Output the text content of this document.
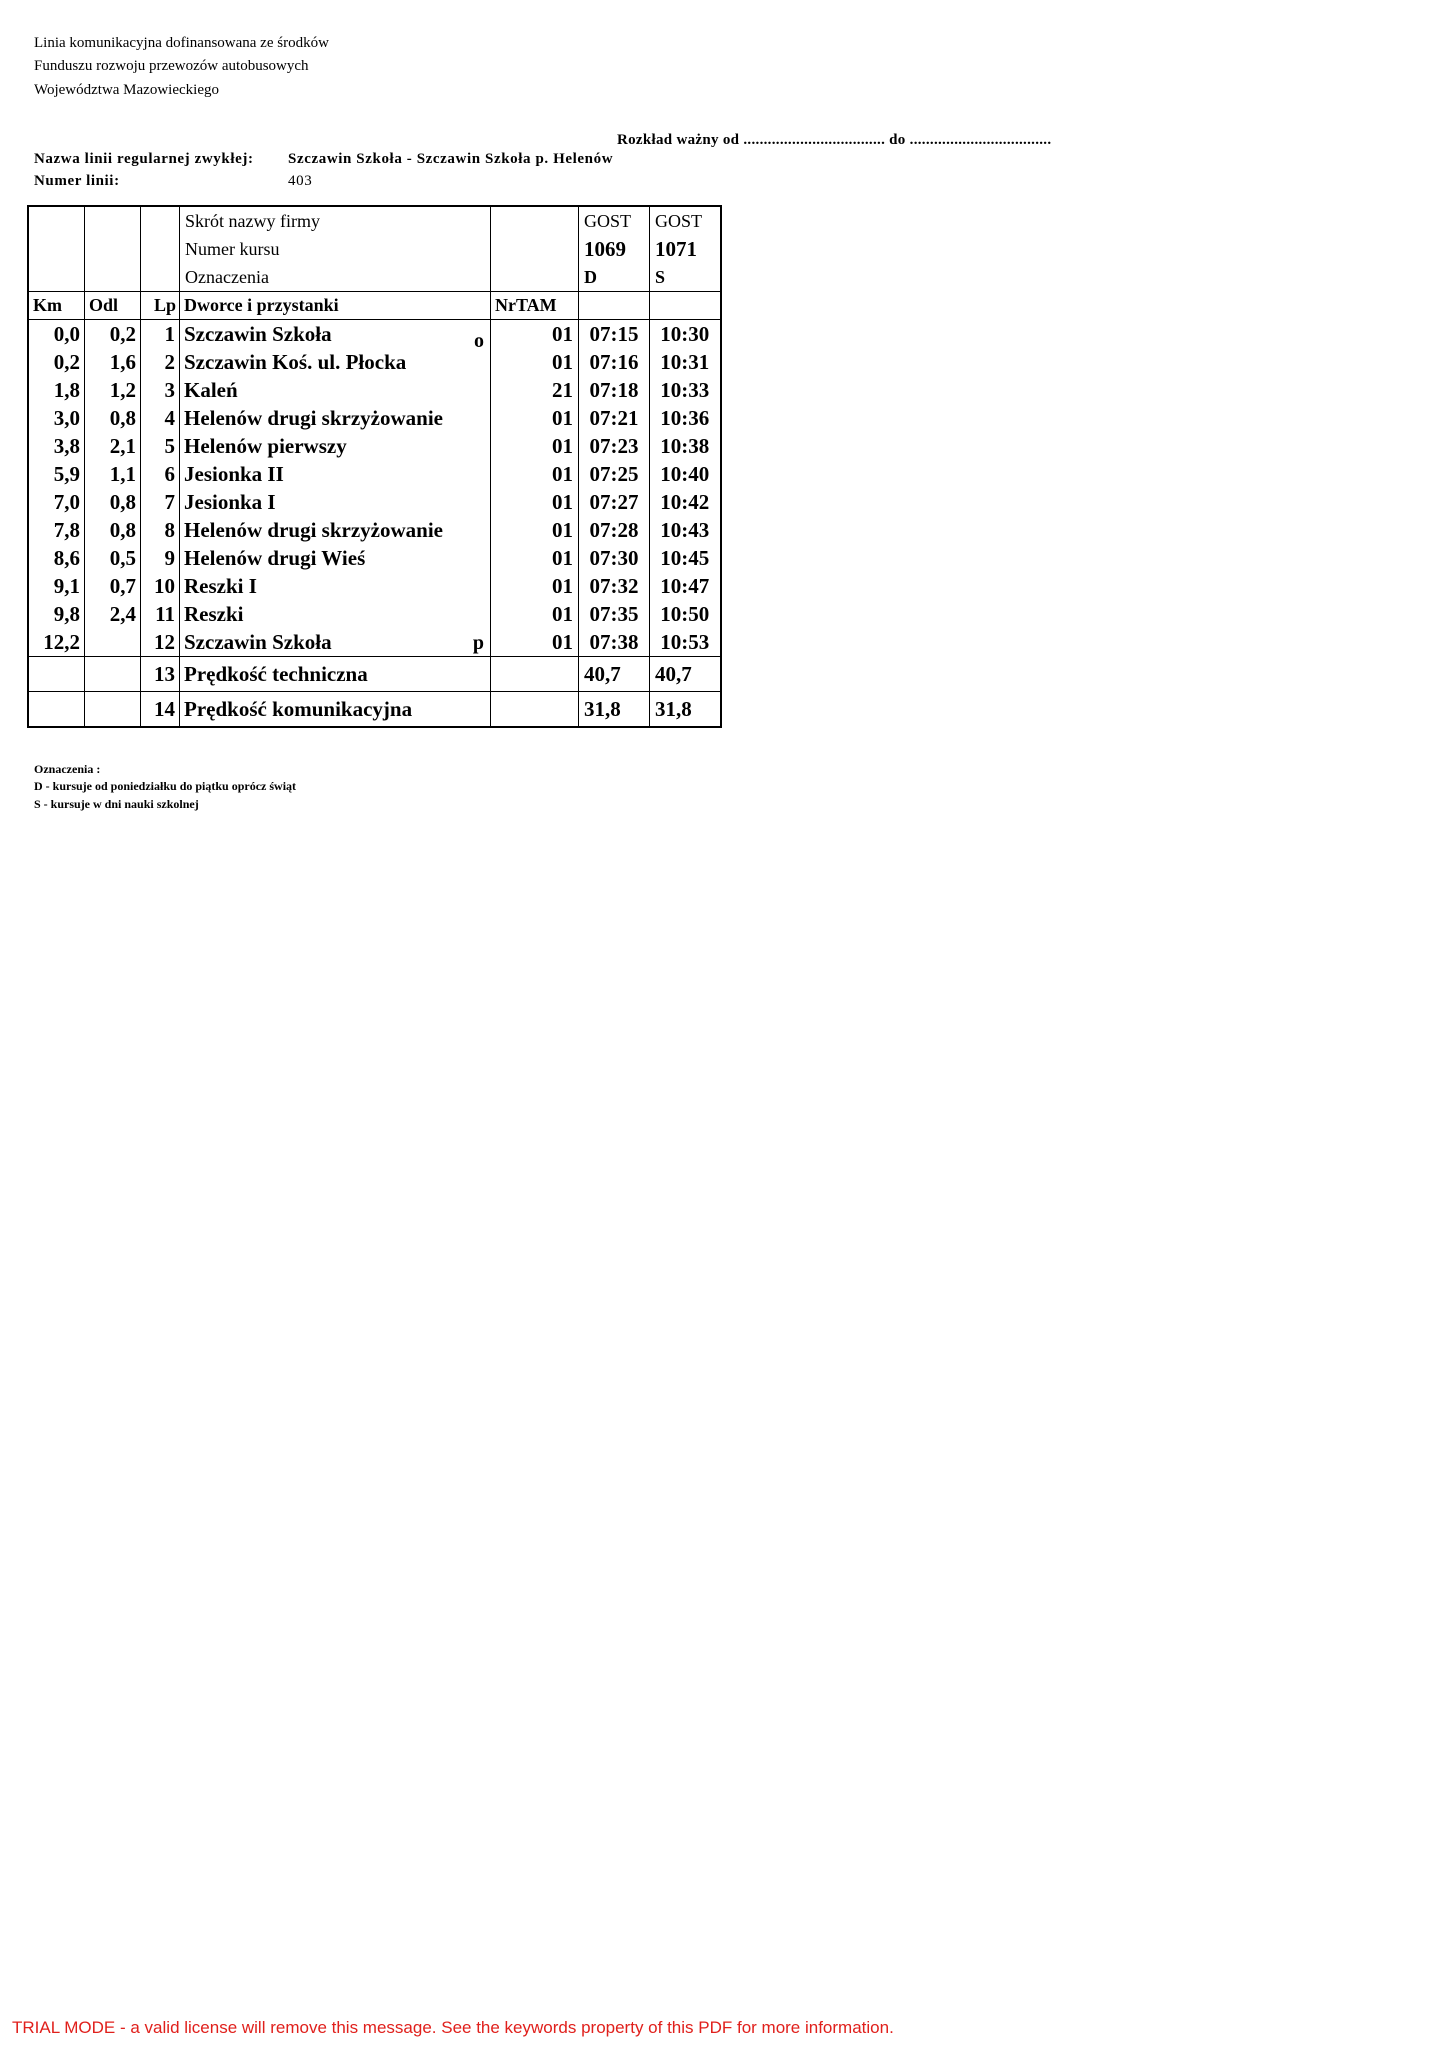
Linia komunikacyjna dofinansowana ze środków
Funduszu rozwoju przewozów autobusowych
Województwa Mazowieckiego
Rozkład ważny od ................................... do ...................................
Nazwa linii regularnej zwykłej: Szczawin Szkoła - Szczawin Szkoła p. Helenów
Numer linii:	403
			Skrót nazwy firmy		GOST	GOST
			Numer kursu		1069	1071
			Oznaczenia		D	S
Km	Odl	Lp	Dworce i przystanki	NrTAM		
0,0	0,2	1	Szczawin Szkoła o	01	07:15	10:30
0,2	1,6	2	Szczawin Koś. ul. Płocka	01	07:16	10:31
1,8	1,2	3	Kaleń	21	07:18	10:33
3,0	0,8	4	Helenów drugi skrzyżowanie	01	07:21	10:36
3,8	2,1	5	Helenów pierwszy	01	07:23	10:38
5,9	1,1	6	Jesionka II	01	07:25	10:40
7,0	0,8	7	Jesionka I	01	07:27	10:42
7,8	0,8	8	Helenów drugi skrzyżowanie	01	07:28	10:43
8,6	0,5	9	Helenów drugi Wieś	01	07:30	10:45
9,1	0,7	10	Reszki I	01	07:32	10:47
9,8	2,4	11	Reszki	01	07:35	10:50
12,2		12	Szczawin Szkoła p	01	07:38	10:53
		13	Prędkość techniczna		40,7	40,7
		14	Prędkość komunikacyjna		31,8	31,8
Oznaczenia :
D - kursuje od poniedziałku do piątku oprócz świąt
S - kursuje w dni nauki szkolnej
TRIAL MODE - a valid license will remove this message. See the keywords property of this PDF for more information.
